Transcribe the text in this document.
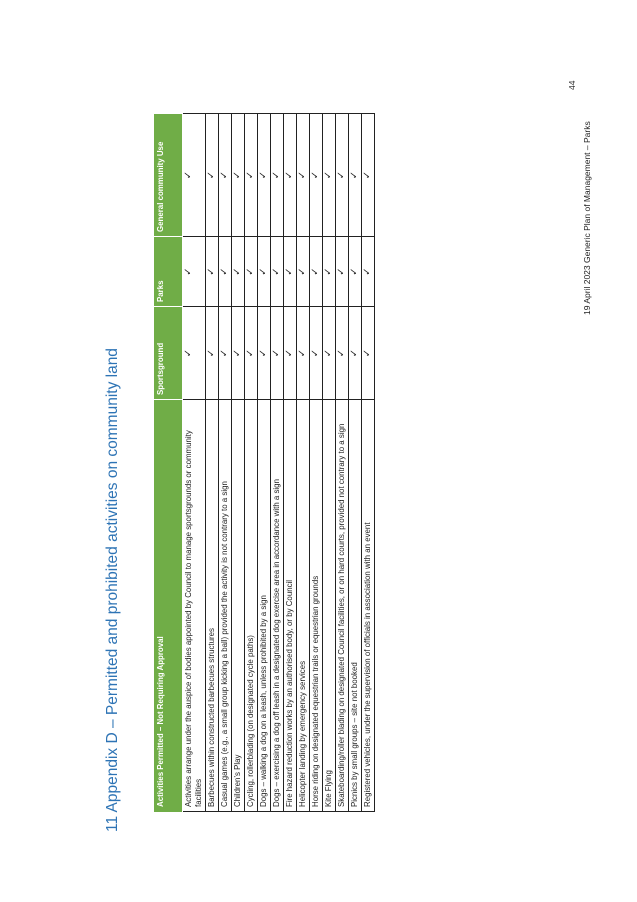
11 Appendix D – Permitted and prohibited activities on community land	Activities Permitted – Not Requiring Approval	Sportsground	Parks	General community Use
Activities arrange under the auspice of bodies appointed by Council to manage sportsgrounds or community facilities	✓	✓	✓
Barbecues within constructed barbecues structures	✓	✓	✓
Casual games (e.g., a small group kicking a ball) provided the activity is not contrary to a sign	✓	✓	✓
Children’s Play	✓	✓	✓
Cycling, rollerblading (on designated cycle paths)	✓	✓	✓
Dogs – walking a dog on a leash, unless prohibited by a sign	✓	✓	✓
Dogs – exercising a dog off leash in a designated dog exercise area in accordance with a sign	✓	✓	✓
Fire hazard reduction works by an authorised body, or by Council	✓	✓	✓
Helicopter landing by emergency services	✓	✓	✓
Horse riding on designated equestrian trails or equestrian grounds	✓	✓	✓
Kite Flying	✓	✓	✓
Skateboarding/roller blading on designated Council facilities, or on hard courts, provided not contrary to a sign	✓	✓	✓
Picnics by small groups – site not booked	✓	✓	✓
Registered vehicles, under the supervision of officials in association with an event	✓	✓	✓
44
19 April 2023 Generic Plan of Management – Parks
